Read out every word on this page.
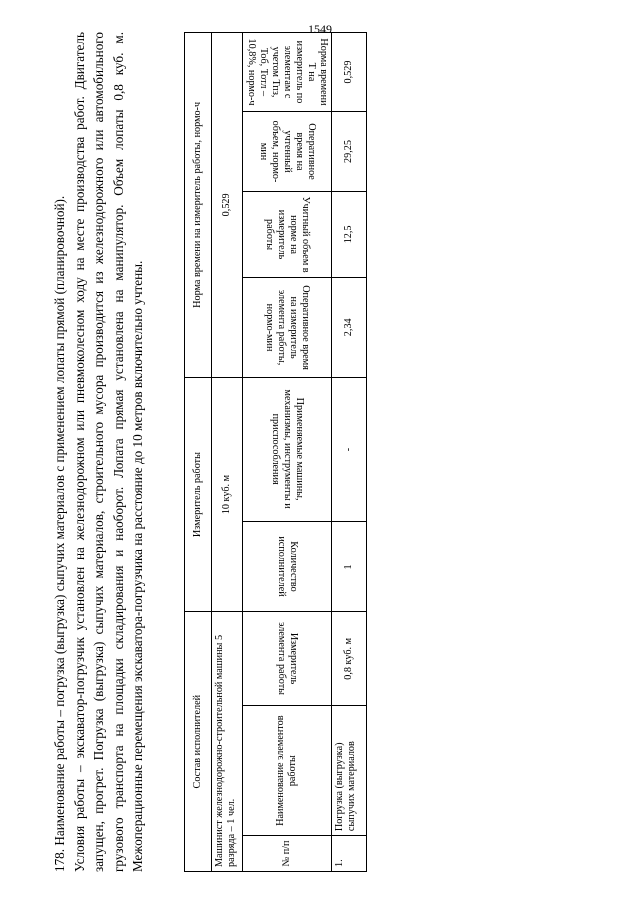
1549

178. Наименование работы – погрузка (выгрузка) сыпучих материалов с применением лопаты прямой (планировочной). Условия работы – экскаватор-погрузчик установлен на железнодорожном или пневмоколесном ходу на месте производства работ. Двигатель запущен, прогрет. Погрузка (выгрузка) сыпучих материалов, строительного мусора производится из железнодорожного или автомобильного грузового транспорта на площадки складирования и наоборот. Лопата прямая установлена на манипулятор. Объем лопаты 0,8 куб. м. Межоперационные перемещения экскаватора-погрузчика на расстояние до 10 метров включительно учтены.	Состав исполнителей			Измеритель работы		Норма времени на измеритель работы, нормо-ч			
Машинист железнодорожно-строительной машины 5 разряда – 1 чел.			10 куб. м		0,529			
№ п/п	Наименование элементов работы	Измеритель элемента работы	Количество исполнителей	Применяемые машины, механизмы, инструменты и приспособления	Оперативное время на измеритель элемента работы, нормо-мин	Учитный объем в норме на измеритель работы	Оперативное время на учтенный объем, нормо-мин	Норма времени Т на измеритель по элементам с учетом Тпз, Тоб, Тотл – 10,8%, нормо-ч
1.	Погрузка (выгрузка) сыпучих материалов	0,8 куб. м	1	-	2,34	12,5	29,25	0,529
